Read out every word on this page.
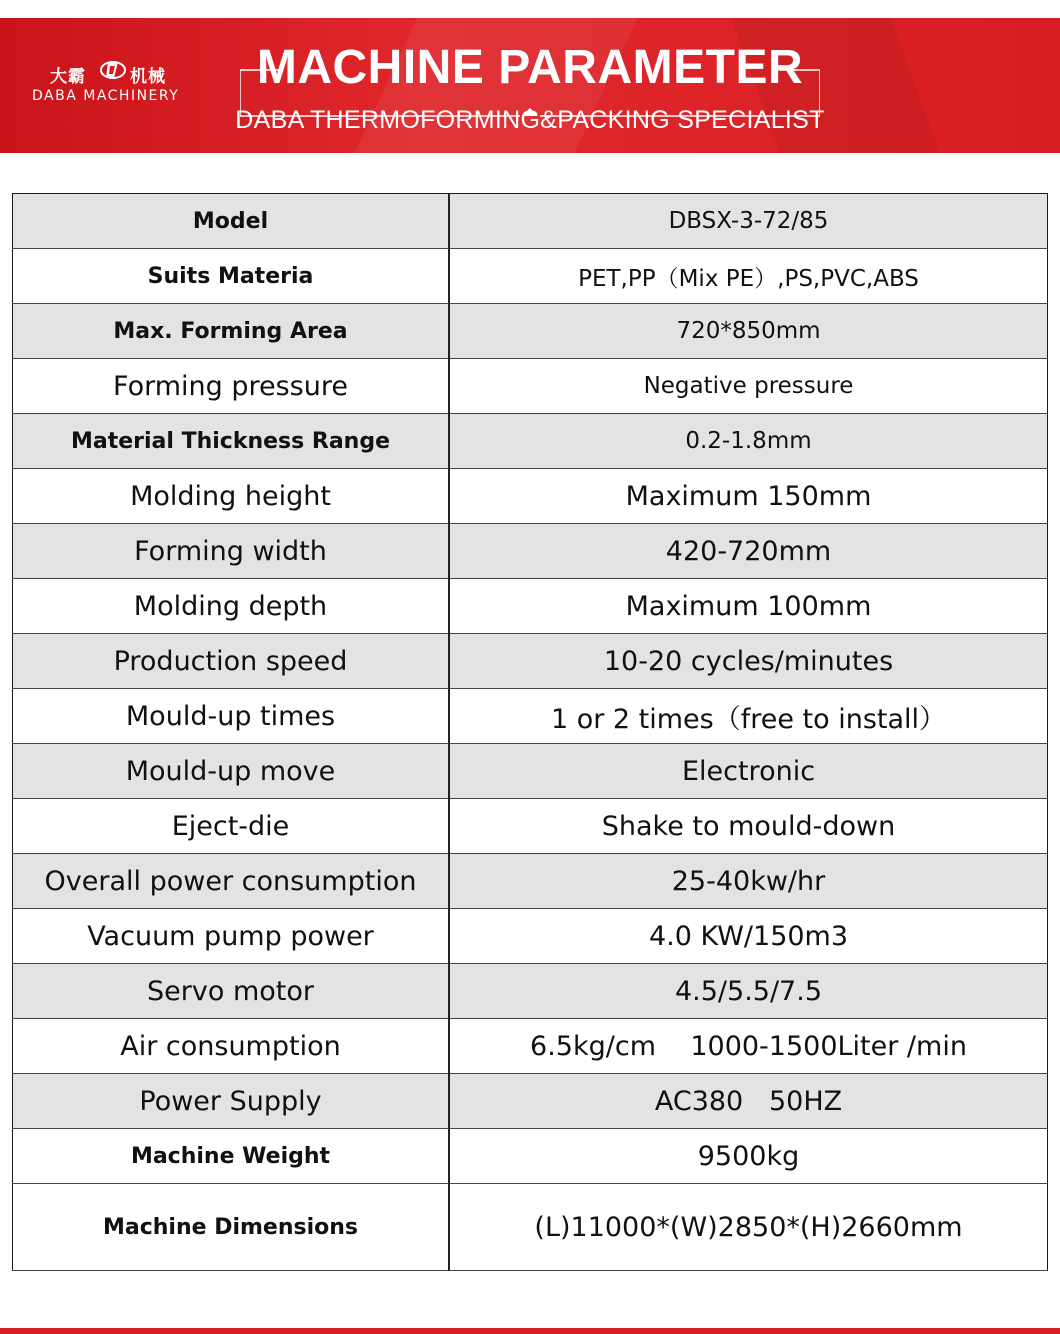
大霸	机械
DABA MACHINERY
MACHINE PARAMETER
DABA THERMOFORMING&PACKING SPECIALIST
Model	DBSX-3-72/85
Suits Materia	PET,PP（Mix PE）,PS,PVC,ABS
Max. Forming Area	720*850mm
Forming pressure	Negative pressure
Material Thickness Range	0.2-1.8mm
Molding height	Maximum 150mm
Forming width	420-720mm
Molding depth	Maximum 100mm
Production speed	10-20 cycles/minutes
Mould-up times	1 or 2 times（free to install）
Mould-up move	Electronic
Eject-die	Shake to mould-down
Overall power consumption	25-40kw/hr
Vacuum pump power	4.0 KW/150m3
Servo motor	4.5/5.5/7.5
Air consumption	6.5kg/cm    1000-1500Liter /min
Power Supply	AC380   50HZ
Machine Weight	9500kg
Machine Dimensions	(L)11000*(W)2850*(H)2660mm
